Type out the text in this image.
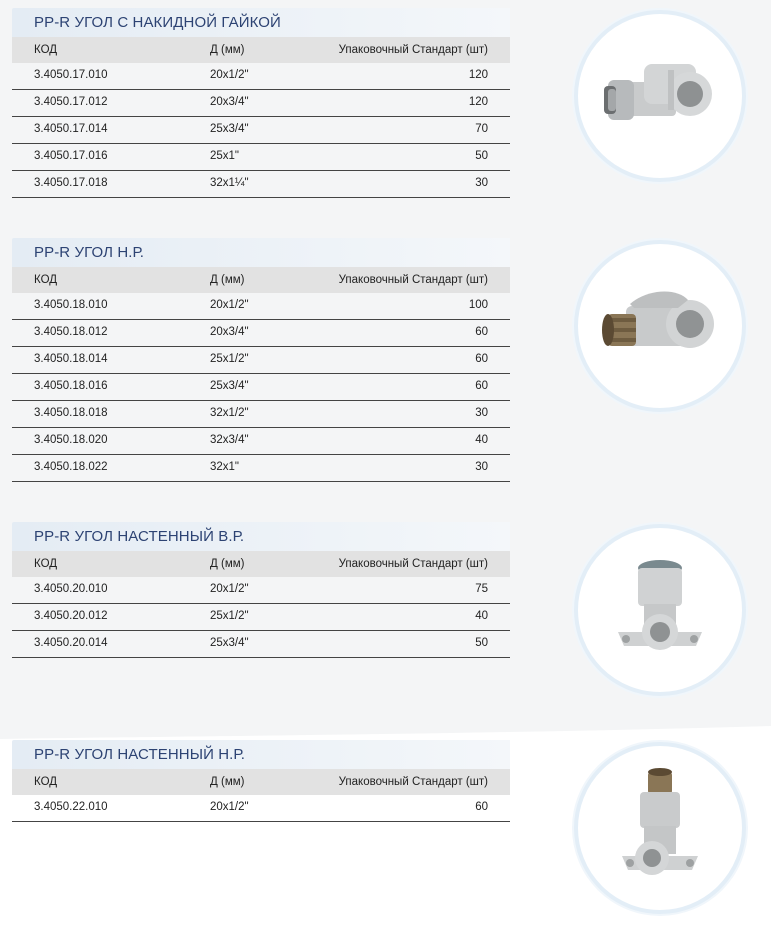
PP-R УГОЛ С НАКИДНОЙ ГАЙКОЙ
КОД	Д (мм)	Упаковочный Стандарт (шт)
3.4050.17.010	20x1/2"	120
3.4050.17.012	20x3/4"	120
3.4050.17.014	25x3/4"	70
3.4050.17.016	25x1"	50
3.4050.17.018	32x1¼"	30
PP-R УГОЛ Н.Р.
КОД	Д (мм)	Упаковочный Стандарт (шт)
3.4050.18.010	20x1/2"	100
3.4050.18.012	20x3/4"	60
3.4050.18.014	25x1/2"	60
3.4050.18.016	25x3/4"	60
3.4050.18.018	32x1/2"	30
3.4050.18.020	32x3/4"	40
3.4050.18.022	32x1"	30
PP-R УГОЛ НАСТЕННЫЙ В.Р.
КОД	Д (мм)	Упаковочный Стандарт (шт)
3.4050.20.010	20x1/2"	75
3.4050.20.012	25x1/2"	40
3.4050.20.014	25x3/4"	50
PP-R УГОЛ НАСТЕННЫЙ Н.Р.
КОД	Д (мм)	Упаковочный Стандарт (шт)
3.4050.22.010	20x1/2"	60
